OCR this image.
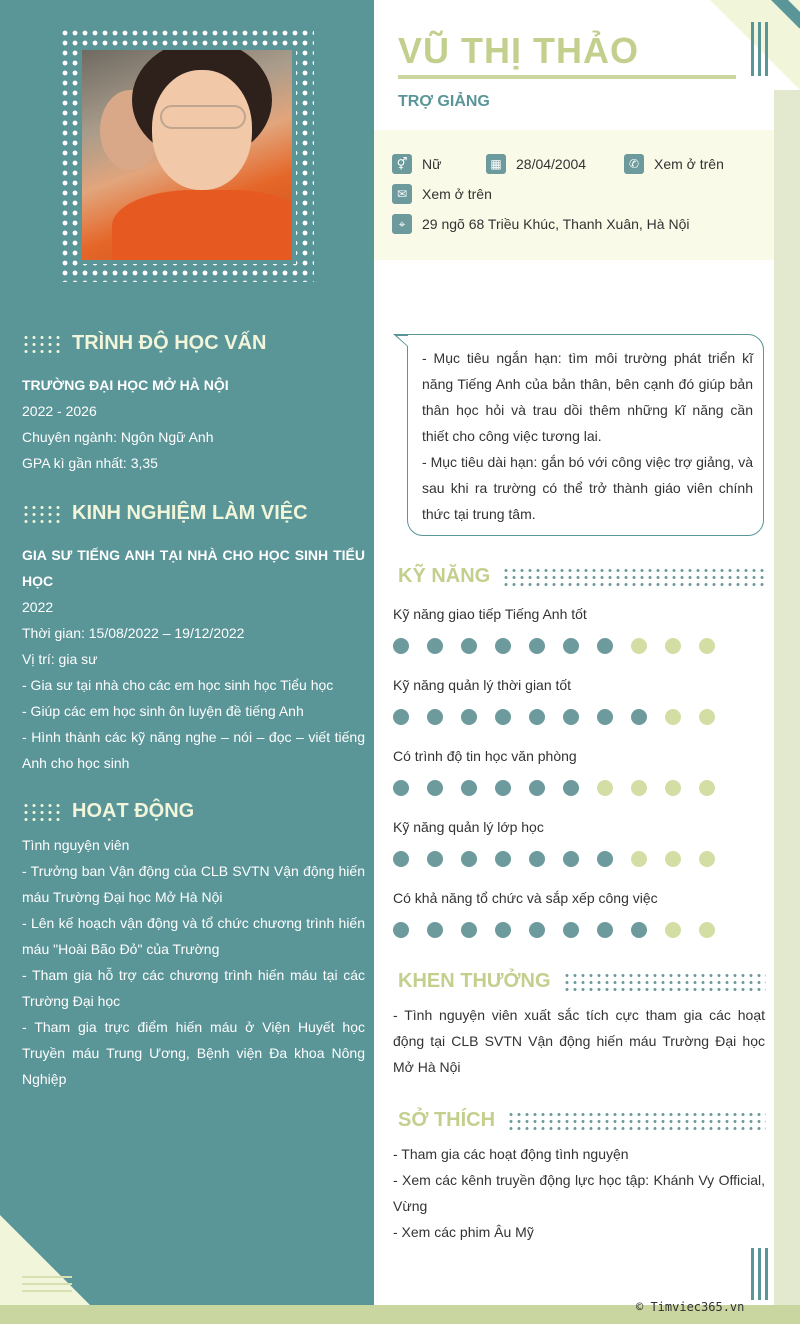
VŨ THỊ THẢO
TRỢ GIẢNG
⚥	Nữ	▦	28/04/2004	✆	Xem ở trên
✉	Xem ở trên
⌖	29 ngõ 68 Triều Khúc, Thanh Xuân, Hà Nội
TRÌNH ĐỘ HỌC VẤN
TRƯỜNG ĐẠI HỌC MỞ HÀ NỘI
2022 - 2026
Chuyên ngành: Ngôn Ngữ Anh
GPA kì gần nhất: 3,35
KINH NGHIỆM LÀM VIỆC
GIA SƯ TIẾNG ANH TẠI NHÀ CHO HỌC SINH TIỂU HỌC
2022
Thời gian: 15/08/2022 – 19/12/2022
Vị trí: gia sư
- Gia sư tại nhà cho các em học sinh học Tiểu học
- Giúp các em học sinh ôn luyện đề tiếng Anh
- Hình thành các kỹ năng nghe – nói – đọc – viết tiếng Anh cho học sinh
HOẠT ĐỘNG
Tình nguyện viên
- Trưởng ban Vận động của CLB SVTN Vận động hiến máu Trường Đại học Mở Hà Nội
- Lên kế hoạch vận động và tổ chức chương trình hiến máu "Hoài Bão Đỏ" của Trường
- Tham gia hỗ trợ các chương trình hiến máu tại các Trường Đại học
- Tham gia trực điểm hiến máu ở Viện Huyết học Truyền máu Trung Ương, Bệnh viện Đa khoa Nông Nghiệp
- Mục tiêu ngắn hạn: tìm môi trường phát triển kĩ năng Tiếng Anh của bản thân, bên cạnh đó giúp bản thân học hỏi và trau dồi thêm những kĩ năng cần thiết cho công việc tương lai.
- Mục tiêu dài hạn: gắn bó với công việc trợ giảng, và sau khi ra trường có thể trở thành giáo viên chính thức tại trung tâm.
KỸ NĂNG
Kỹ năng giao tiếp Tiếng Anh tốt
Kỹ năng quản lý thời gian tốt
Có trình độ tin học văn phòng
Kỹ năng quản lý lớp học
Có khả năng tổ chức và sắp xếp công việc
KHEN THƯỞNG
- Tình nguyện viên xuất sắc tích cực tham gia các hoạt động tại CLB SVTN Vận động hiến máu Trường Đại học Mở Hà Nội
SỞ THÍCH
- Tham gia các hoạt động tình nguyện
- Xem các kênh truyền động lực học tập: Khánh Vy Official, Vừng
- Xem các phim Âu Mỹ
© Timviec365.vn
